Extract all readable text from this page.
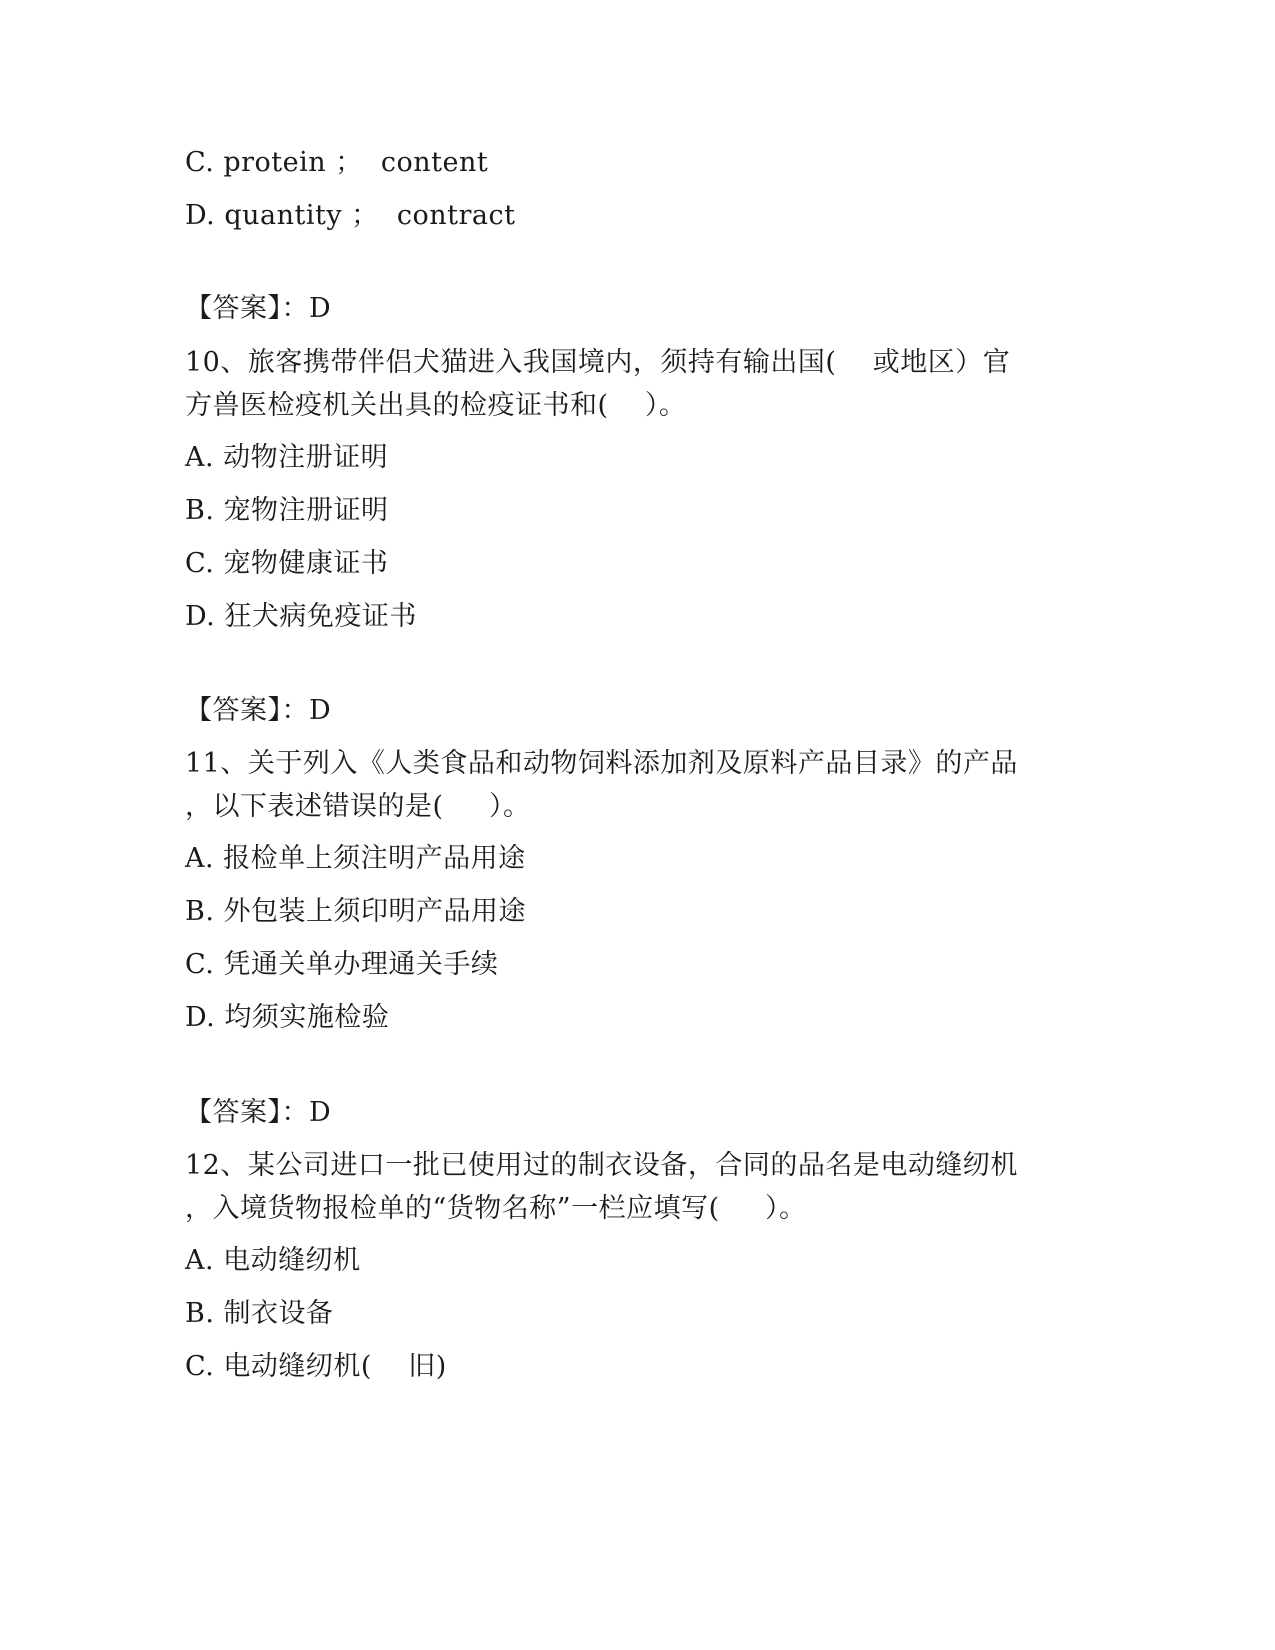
C. protein ；  content
D. quantity ；  contract
【答案】：D
10、旅客携带伴侣犬猫进入我国境内，须持有输出国(    或地区）官
方兽医检疫机关出具的检疫证书和(    ）。
A. 动物注册证明
B. 宠物注册证明
C. 宠物健康证书
D. 狂犬病免疫证书
【答案】：D
11、关于列入《人类食品和动物饲料添加剂及原料产品目录》的产品
，以下表述错误的是(     ）。
A. 报检单上须注明产品用途
B. 外包装上须印明产品用途
C. 凭通关单办理通关手续
D. 均须实施检验
【答案】：D
12、某公司进口一批已使用过的制衣设备，合同的品名是电动缝纫机
，入境货物报检单的“货物名称”一栏应填写(     ）。
A. 电动缝纫机
B. 制衣设备
C. 电动缝纫机(    旧)
